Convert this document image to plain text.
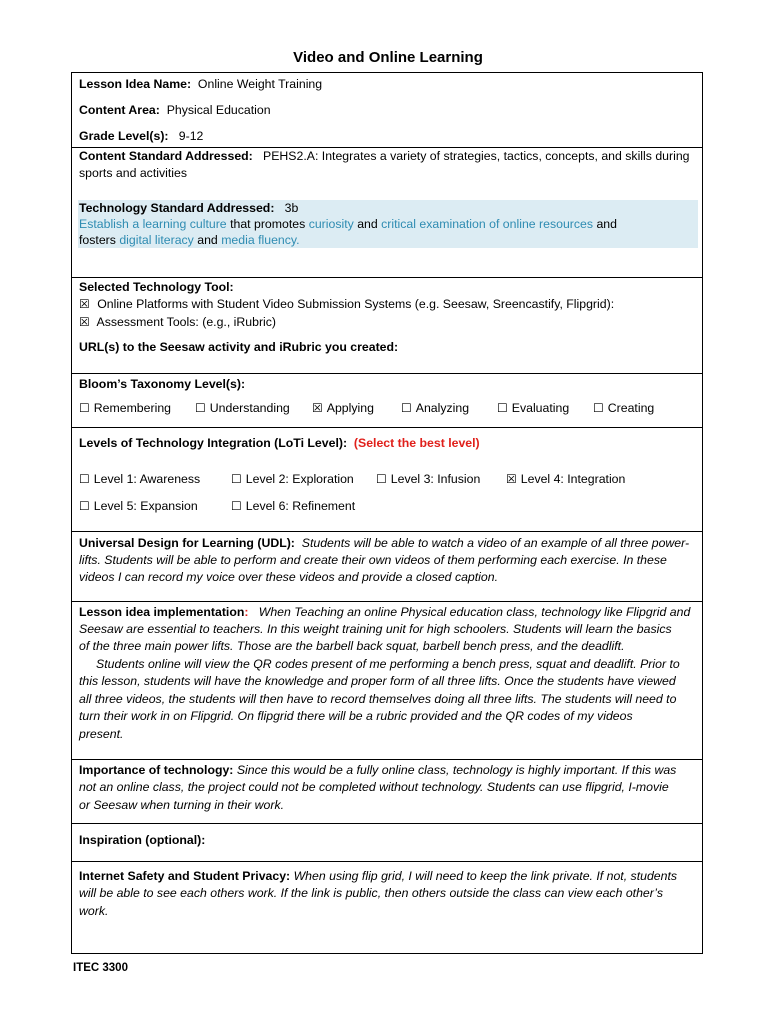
Video and Online Learning
Lesson Idea Name: Online Weight Training
Content Area: Physical Education
Grade Level(s): 9-12
Content Standard Addressed: PEHS2.A: Integrates a variety of strategies, tactics, concepts, and skills during
sports and activities
Technology Standard Addressed: 3b
Establish a learning culture that promotes curiosity and critical examination of online resources and
fosters digital literacy and media fluency.
Selected Technology Tool:
☒ Online Platforms with Student Video Submission Systems (e.g. Seesaw, Sreencastify, Flipgrid):
☒ Assessment Tools: (e.g., iRubric)
URL(s) to the Seesaw activity and iRubric you created:
Bloom’s Taxonomy Level(s):
☐ Remembering ☐ Understanding ☒ Applying ☐ Analyzing ☐ Evaluating ☐ Creating
Levels of Technology Integration (LoTi Level): (Select the best level)
☐ Level 1: Awareness	☐ Level 2: Exploration ☐ Level 3: Infusion ☒ Level 4: Integration
☐ Level 5: Expansion	☐ Level 6: Refinement
Universal Design for Learning (UDL): Students will be able to watch a video of an example of all three power-
lifts. Students will be able to perform and create their own videos of them performing each exercise. In these
videos I can record my voice over these videos and provide a closed caption.
Lesson idea implementation: When Teaching an online Physical education class, technology like Flipgrid and
Seesaw are essential to teachers. In this weight training unit for high schoolers. Students will learn the basics
of the three main power lifts. Those are the barbell back squat, barbell bench press, and the deadlift.
Students online will view the QR codes present of me performing a bench press, squat and deadlift. Prior to
this lesson, students will have the knowledge and proper form of all three lifts. Once the students have viewed
all three videos, the students will then have to record themselves doing all three lifts. The students will need to
turn their work in on Flipgrid. On flipgrid there will be a rubric provided and the QR codes of my videos
present.
Importance of technology: Since this would be a fully online class, technology is highly important. If this was
not an online class, the project could not be completed without technology. Students can use flipgrid, I-movie
or Seesaw when turning in their work.
Inspiration (optional):
Internet Safety and Student Privacy: When using flip grid, I will need to keep the link private. If not, students
will be able to see each others work. If the link is public, then others outside the class can view each other’s
work.
ITEC 3300
